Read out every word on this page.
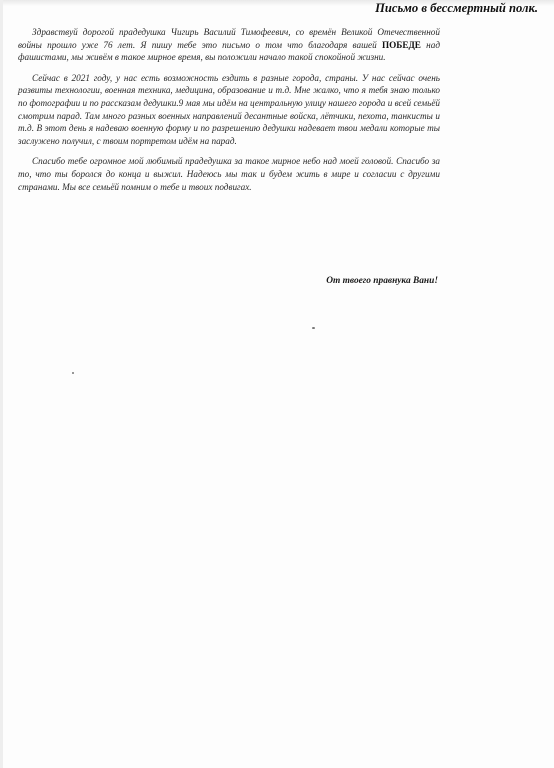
Письмо в бессмертный полк.

Здравствуй дорогой прадедушка Чигирь Василий Тимофеевич, со времён Великой Отечественной войны прошло уже 76 лет. Я пишу тебе это письмо о том что благодаря вашей ПОБЕДЕ над фашистами, мы живём в такое мирное время, вы положили начало такой спокойной жизни.

Сейчас в 2021 году, у нас есть возможность ездить в разные города, страны. У нас сейчас очень развиты технологии, военная техника, медицина, образование и т.д. Мне жалко, что я тебя знаю только по фотографии и по рассказам дедушки.9 мая мы идём на центральную улицу нашего города и всей семьёй смотрим парад. Там много разных военных направлений десантные войска, лётчики, пехота, танкисты и т.д. В этот день я надеваю военную форму и по разрешению дедушки надевает твои медали которые ты заслужено получил, с твоим портретом идём на парад.

Спасибо тебе огромное мой любимый прадедушка за такое мирное небо над моей головой. Спасибо за то, что ты боролся до конца и выжил. Надеюсь мы так и будем жить в мире и согласии с другими странами. Мы все семьёй помним о тебе и твоих подвигах.

От твоего правнука Вани!
